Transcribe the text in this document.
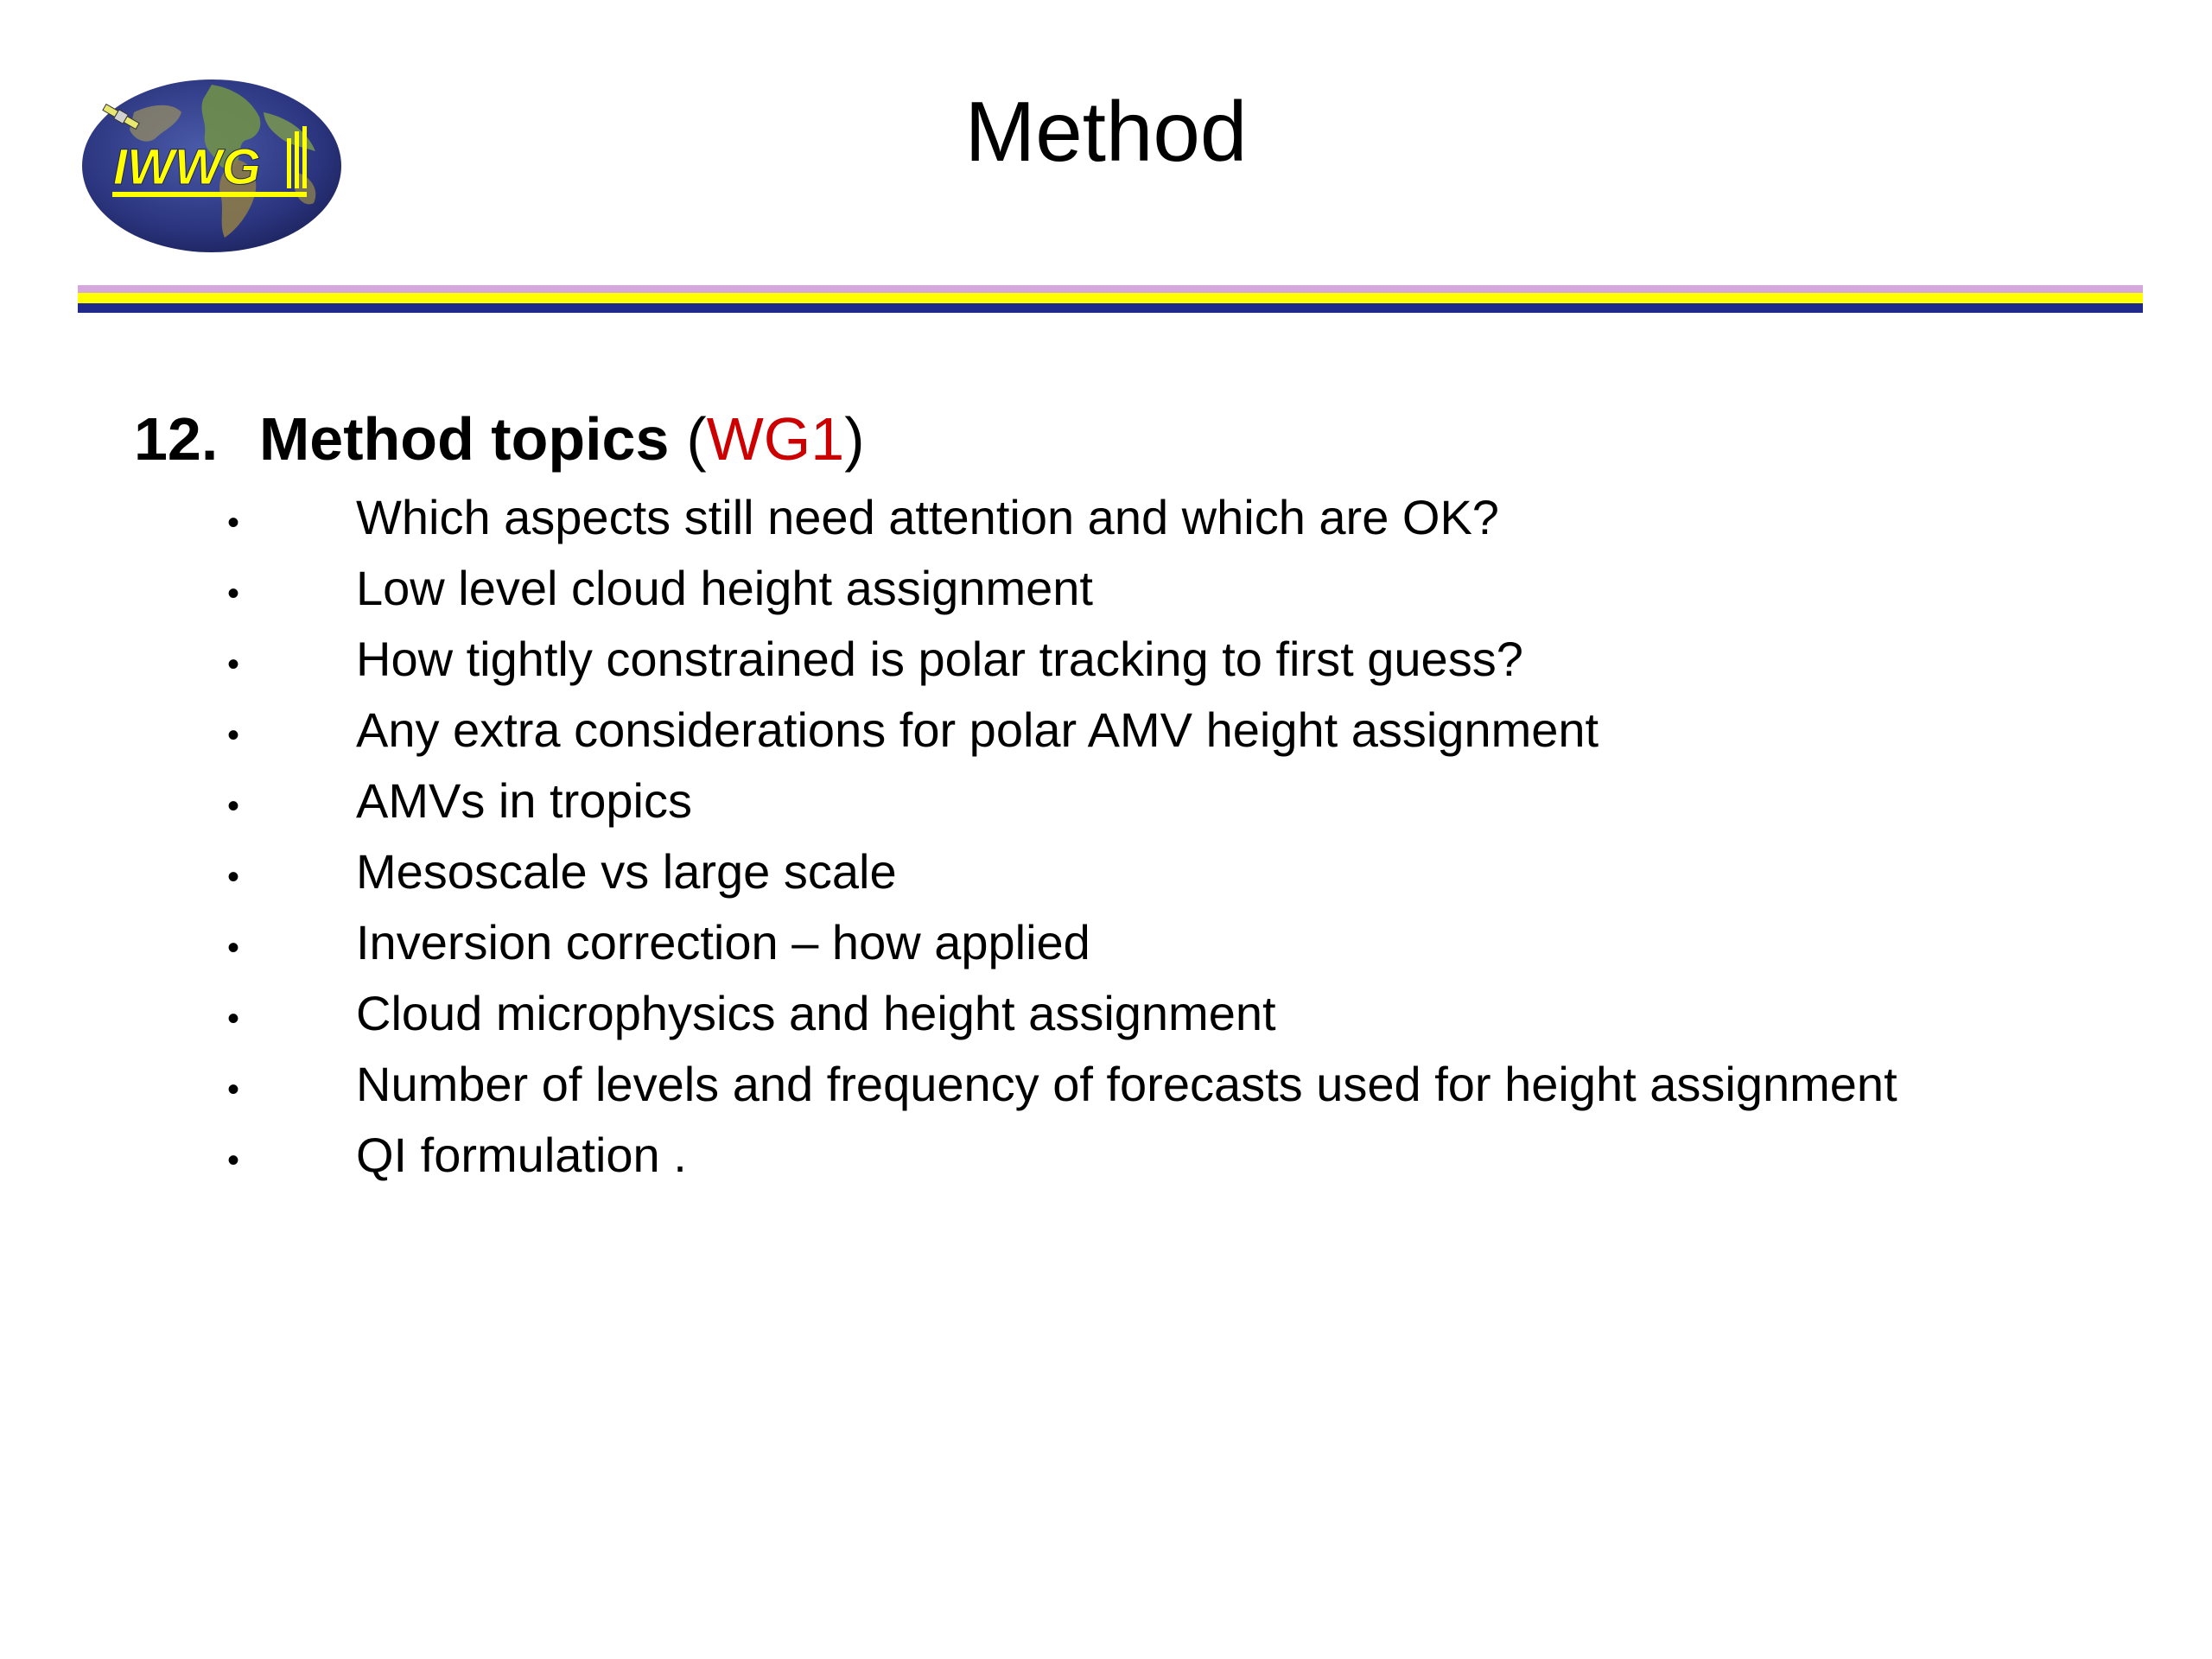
IWWG	Method
12. Method topics (WG1)
•	Which aspects still need attention and which are OK?
•	Low level cloud height assignment
•	How tightly constrained is polar tracking to first guess?
•	Any extra considerations for polar AMV height assignment
•	AMVs in tropics
•	Mesoscale vs large scale
•	Inversion correction – how applied
•	Cloud microphysics and height assignment
•	Number of levels and frequency of forecasts used for height assignment
•	QI formulation .
